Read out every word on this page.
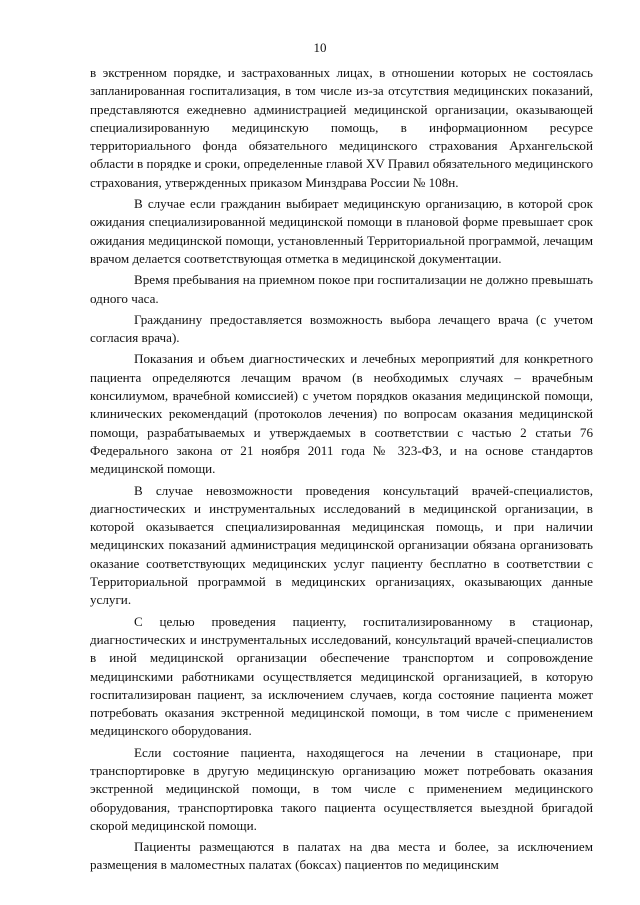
10

в экстренном порядке, и застрахованных лицах, в отношении которых не состоялась запланированная госпитализация, в том числе из-за отсутствия медицинских показаний, представляются ежедневно администрацией медицинской организации, оказывающей специализированную медицинскую помощь, в информационном ресурсе территориального фонда обязательного медицинского страхования Архангельской области в порядке и сроки, определенные главой XV Правил обязательного медицинского страхования, утвержденных приказом Минздрава России № 108н.

В случае если гражданин выбирает медицинскую организацию, в которой срок ожидания специализированной медицинской помощи в плановой форме превышает срок ожидания медицинской помощи, установленный Территориальной программой, лечащим врачом делается соответствующая отметка в медицинской документации.

Время пребывания на приемном покое при госпитализации не должно превышать одного часа.

Гражданину предоставляется возможность выбора лечащего врача (с учетом согласия врача).

Показания и объем диагностических и лечебных мероприятий для конкретного пациента определяются лечащим врачом (в необходимых случаях – врачебным консилиумом, врачебной комиссией) с учетом порядков оказания медицинской помощи, клинических рекомендаций (протоколов лечения) по вопросам оказания медицинской помощи, разрабатываемых и утверждаемых в соответствии с частью 2 статьи 76 Федерального закона от 21 ноября 2011 года № 323-ФЗ, и на основе стандартов медицинской помощи.

В случае невозможности проведения консультаций врачей-специалистов, диагностических и инструментальных исследований в медицинской организации, в которой оказывается специализированная медицинская помощь, и при наличии медицинских показаний администрация медицинской организации обязана организовать оказание соответствующих медицинских услуг пациенту бесплатно в соответствии с Территориальной программой в медицинских организациях, оказывающих данные услуги.

С целью проведения пациенту, госпитализированному в стационар, диагностических и инструментальных исследований, консультаций врачей-специалистов в иной медицинской организации обеспечение транспортом и сопровождение медицинскими работниками осуществляется медицинской организацией, в которую госпитализирован пациент, за исключением случаев, когда состояние пациента может потребовать оказания экстренной медицинской помощи, в том числе с применением медицинского оборудования.

Если состояние пациента, находящегося на лечении в стационаре, при транспортировке в другую медицинскую организацию может потребовать оказания экстренной медицинской помощи, в том числе с применением медицинского оборудования, транспортировка такого пациента осуществляется выездной бригадой скорой медицинской помощи.

Пациенты размещаются в палатах на два места и более, за исключением размещения в маломестных палатах (боксах) пациентов по медицинским
